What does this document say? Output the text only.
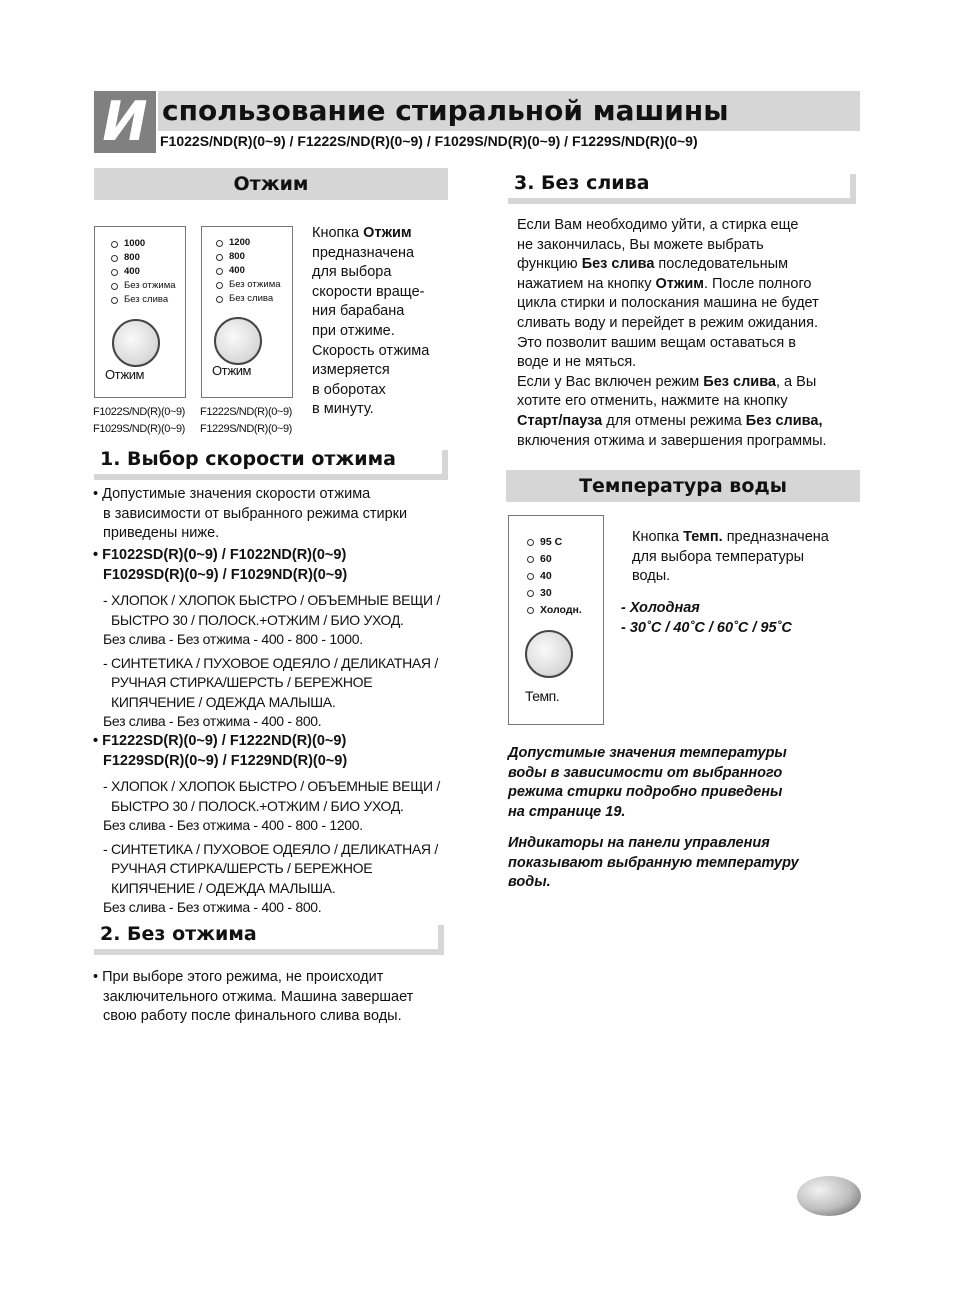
И спользование стиральной машины
F1022S/ND(R)(0~9) / F1222S/ND(R)(0~9) / F1029S/ND(R)(0~9) / F1229S/ND(R)(0~9)
Отжим
1000
800
400
Без отжима
Без слива
Отжим
F1022S/ND(R)(0~9)
F1029S/ND(R)(0~9)
1200
800
400
Без отжима
Без слива
Отжим
F1222S/ND(R)(0~9)
F1229S/ND(R)(0~9)
Кнопка Отжим
предназначена
для выбора
скорости враще-
ния барабана
при отжиме.
Скорость отжима
измеряется
в оборотах
в минуту.
1. Выбор скорости отжима
• Допустимые значения скорости отжима
в зависимости от выбранного режима стирки
приведены ниже.
• F1022SD(R)(0~9) / F1022ND(R)(0~9)
F1029SD(R)(0~9) / F1029ND(R)(0~9)
- ХЛОПОК / ХЛОПОК БЫСТРО / ОБЪЕМНЫЕ ВЕЩИ /
БЫСТРО 30 / ПОЛОСК.+ОТЖИМ / БИО УХОД.
Без слива - Без отжима - 400 - 800 - 1000.
- СИНТЕТИКА / ПУХОВОЕ ОДЕЯЛО / ДЕЛИКАТНАЯ /
РУЧНАЯ СТИРКА/ШЕРСТЬ / БЕРЕЖНОЕ
КИПЯЧЕНИЕ / ОДЕЖДА МАЛЫША.
Без слива - Без отжима - 400 - 800.
• F1222SD(R)(0~9) / F1222ND(R)(0~9)
F1229SD(R)(0~9) / F1229ND(R)(0~9)
- ХЛОПОК / ХЛОПОК БЫСТРО / ОБЪЕМНЫЕ ВЕЩИ /
БЫСТРО 30 / ПОЛОСК.+ОТЖИМ / БИО УХОД.
Без слива - Без отжима - 400 - 800 - 1200.
- СИНТЕТИКА / ПУХОВОЕ ОДЕЯЛО / ДЕЛИКАТНАЯ /
РУЧНАЯ СТИРКА/ШЕРСТЬ / БЕРЕЖНОЕ
КИПЯЧЕНИЕ / ОДЕЖДА МАЛЫША.
Без слива - Без отжима - 400 - 800.
2. Без отжима
• При выборе этого режима, не происходит
заключительного отжима. Машина завершает
свою работу после финального слива воды.
3. Без слива
Если Вам необходимо уйти, а стирка еще
не закончилась, Вы можете выбрать
функцию Без слива последовательным
нажатием на кнопку Отжим. После полного
цикла стирки и полоскания машина не будет
сливать воду и перейдет в режим ожидания.
Это позволит вашим вещам оставаться в
воде и не мяться.
Если у Вас включен режим Без слива, а Вы
хотите его отменить, нажмите на кнопку
Старт/пауза для отмены режима Без слива,
включения отжима и завершения программы.
Температура воды
95 C
60
40
30
Холодн.
Темп.
Кнопка Темп. предназначена
для выбора температуры
воды.
- Холодная
- 30˚C / 40˚C / 60˚C / 95˚C
Допустимые значения температуры
воды в зависимости от выбранного
режима стирки подробно приведены
на странице 19.
Индикаторы на панели управления
показывают выбранную температуру
воды.
